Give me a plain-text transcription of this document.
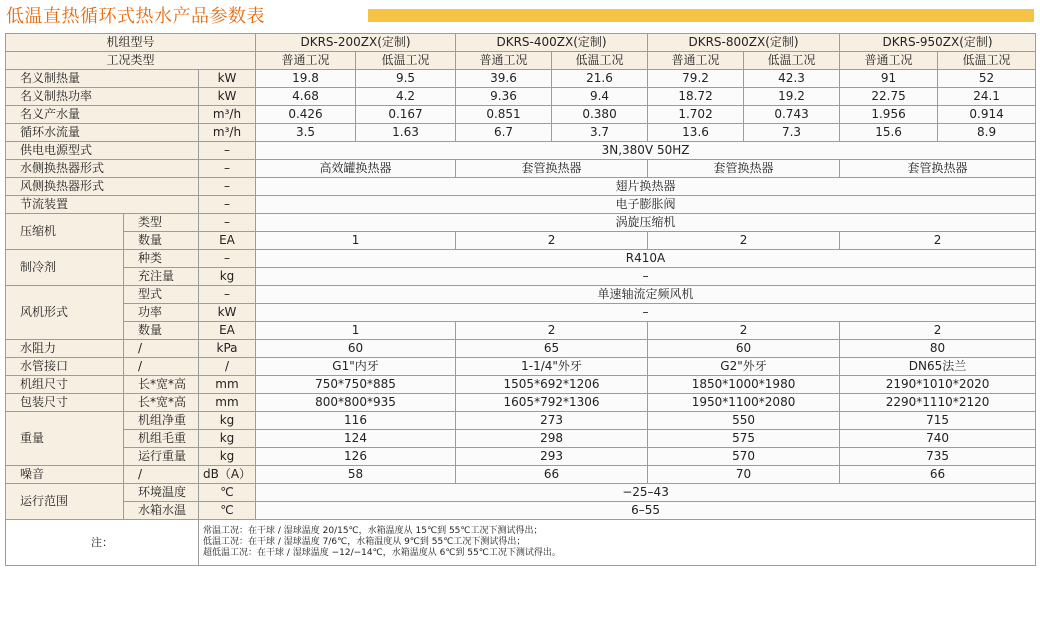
低温直热循环式热水产品参数表
机组型号			DKRS-200ZX(定制)		DKRS-400ZX(定制)		DKRS-800ZX(定制)		DKRS-950ZX(定制)	
工况类型			普通工况	低温工况	普通工况	低温工况	普通工况	低温工况	普通工况	低温工况
名义制热量		kW	19.8	9.5	39.6	21.6	79.2	42.3	91	52
名义制热功率		kW	4.68	4.2	9.36	9.4	18.72	19.2	22.75	24.1
名义产水量		m³/h	0.426	0.167	0.851	0.380	1.702	0.743	1.956	0.914
循环水流量		m³/h	3.5	1.63	6.7	3.7	13.6	7.3	15.6	8.9
供电电源型式		–	3N,380V 50HZ							
水侧换热器形式		–	高效罐换热器		套管换热器		套管换热器		套管换热器	
风侧换热器形式		–	翅片换热器							
节流装置		–	电子膨胀阀							
压缩机	类型	–	涡旋压缩机							
	数量	EA	1		2		2		2	
制冷剂	种类	–	R410A							
	充注量	kg	–							
风机形式	型式	–	单速轴流定频风机							
	功率	kW	–							
	数量	EA	1		2		2		2	
水阻力	/	kPa	60		65		60		80	
水管接口	/	/	G1"内牙		1-1/4"外牙		G2"外牙		DN65法兰	
机组尺寸	长*宽*高	mm	750*750*885		1505*692*1206		1850*1000*1980		2190*1010*2020	
包装尺寸	长*宽*高	mm	800*800*935		1605*792*1306		1950*1100*2080		2290*1110*2120	
重量	机组净重	kg	116		273		550		715	
	机组毛重	kg	124		298		575		740	
	运行重量	kg	126		293		570		735	
噪音	/	dB（A）	58		66		70		66	
运行范围	环境温度	℃	−25–43							
	水箱水温	℃	6–55							
注：		常温工况：在干球 / 湿球温度 20/15℃，水箱温度从 15℃到 55℃工况下测试得出；
低温工况：在干球 / 湿球温度 7/6℃，水箱温度从 9℃到 55℃工况下测试得出；
超低温工况：在干球 / 湿球温度 −12/−14℃，水箱温度从 6℃到 55℃工况下测试得出。								
